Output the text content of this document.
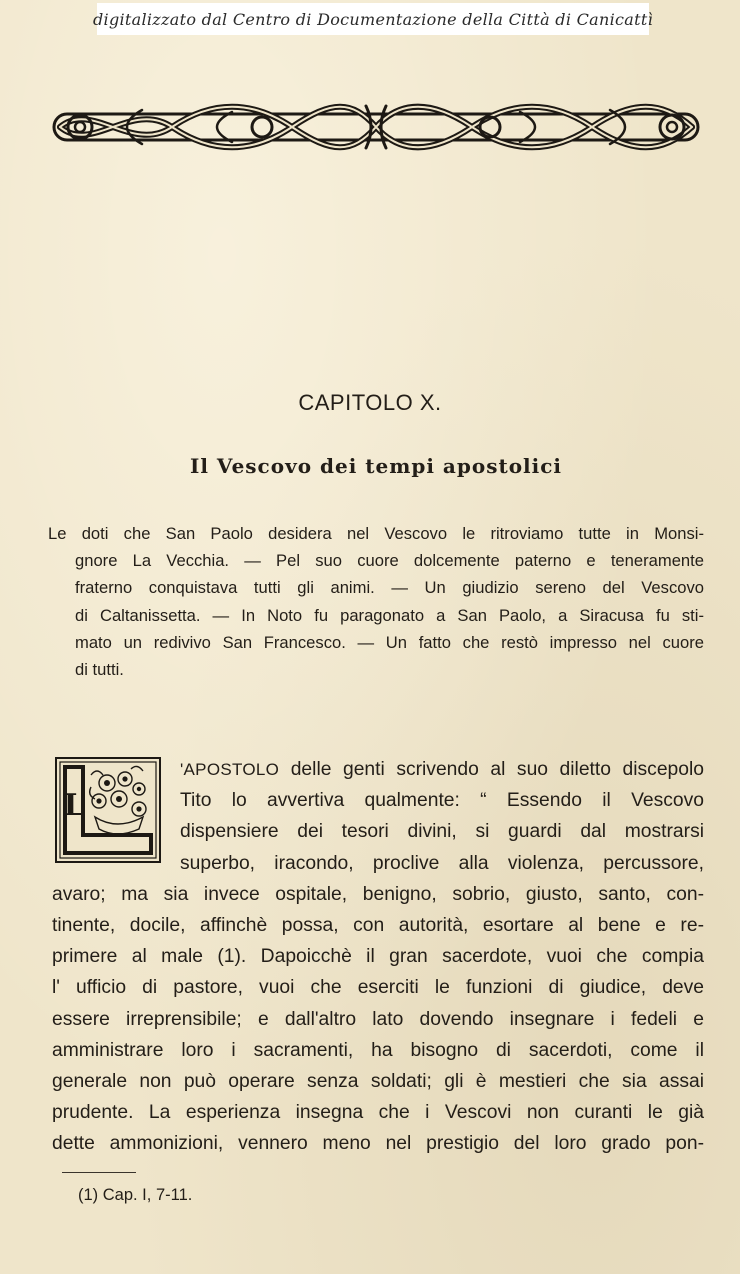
digitalizzato dal Centro di Documentazione della Città di Canicattì
CAPITOLO X.
Il Vescovo dei tempi apostolici
Le doti che San Paolo desidera nel Vescovo le ritroviamo tutte in Monsi-
gnore La Vecchia. — Pel suo cuore dolcemente paterno e teneramente
fraterno conquistava tutti gli animi. — Un giudizio sereno del Vescovo
di Caltanissetta. — In Noto fu paragonato a San Paolo, a Siracusa fu sti-
mato un redivivo San Francesco. — Un fatto che restò impresso nel cuore
di tutti.
L
'APOSTOLO delle genti scrivendo al suo diletto discepolo
Tito lo avvertiva qualmente: “ Essendo il Vescovo
dispensiere dei tesori divini, si guardi dal mostrarsi
superbo, iracondo, proclive alla violenza, percussore,
avaro; ma sia invece ospitale, benigno, sobrio, giusto, santo, con-
tinente, docile, affinchè possa, con autorità, esortare al bene e re-
primere al male (1). Dapoicchè il gran sacerdote, vuoi che compia
l' ufficio di pastore, vuoi che eserciti le funzioni di giudice, deve
essere irreprensibile; e dall'altro lato dovendo insegnare i fedeli e
amministrare loro i sacramenti, ha bisogno di sacerdoti, come il
generale non può operare senza soldati; gli è mestieri che sia assai
prudente. La esperienza insegna che i Vescovi non curanti le già
dette ammonizioni, vennero meno nel prestigio del loro grado pon-
(1) Cap. I, 7-11.
